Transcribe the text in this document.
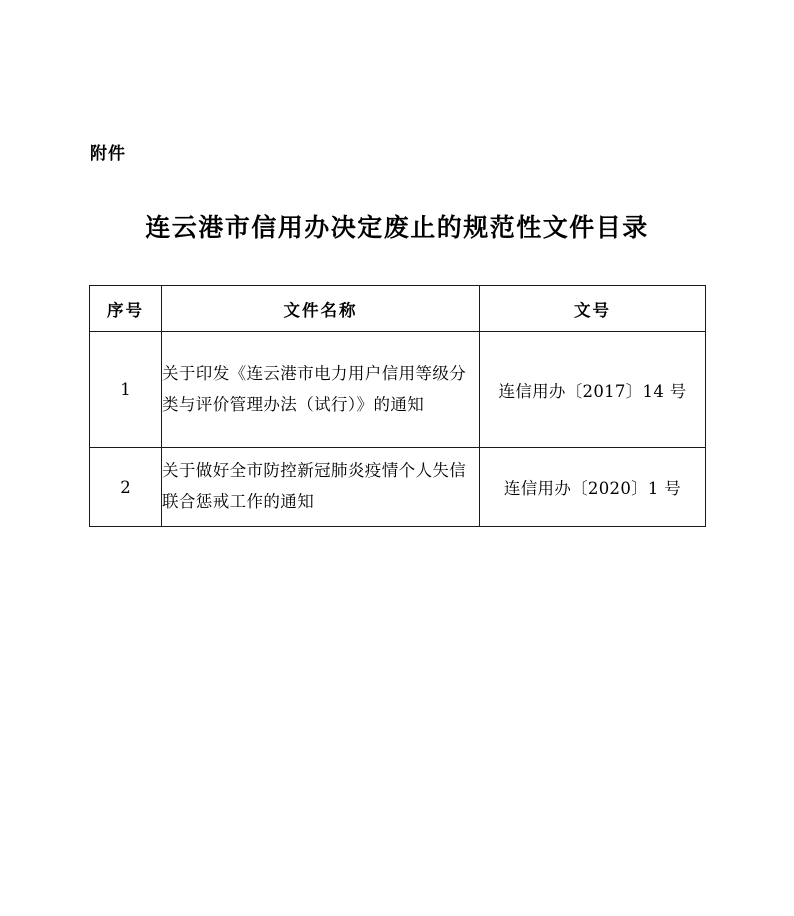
附件
连云港市信用办决定废止的规范性文件目录
序号	文件名称	文号
1	关于印发《连云港市电力用户信用等级分类与评价管理办法（试行）》的通知	连信用办〔2017〕14 号
2	关于做好全市防控新冠肺炎疫情个人失信联合惩戒工作的通知	连信用办〔2020〕1 号
